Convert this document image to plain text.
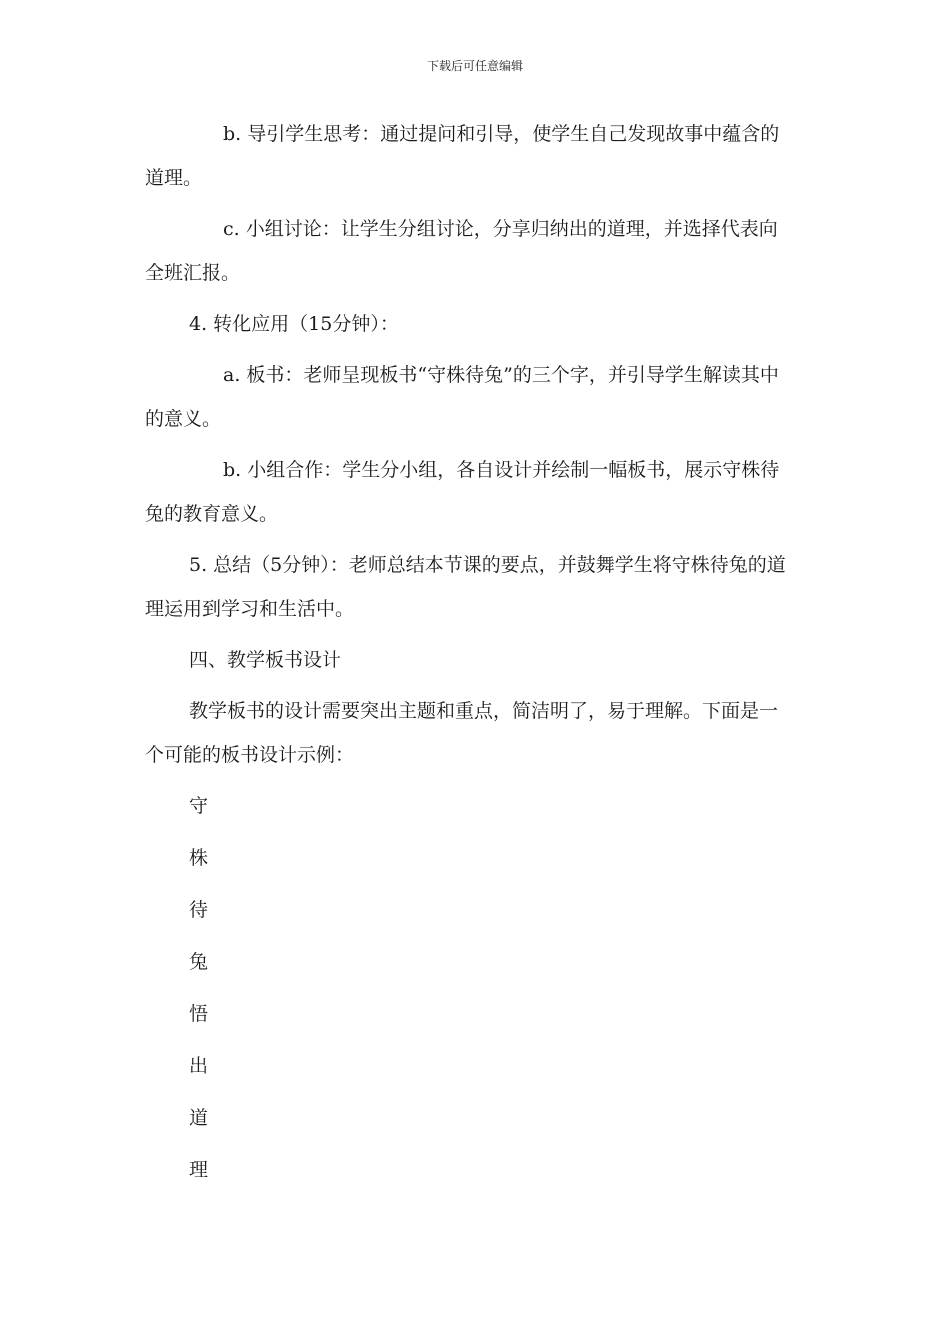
下载后可任意编辑

b. 导引学生思考：通过提问和引导，使学生自己发现故事中蕴含的道理。

c. 小组讨论：让学生分组讨论，分享归纳出的道理，并选择代表向全班汇报。

4. 转化应用（15分钟）：

a. 板书：老师呈现板书“守株待兔”的三个字，并引导学生解读其中的意义。

b. 小组合作：学生分小组，各自设计并绘制一幅板书，展示守株待兔的教育意义。

5. 总结（5分钟）：老师总结本节课的要点，并鼓舞学生将守株待兔的道理运用到学习和生活中。

四、教学板书设计

教学板书的设计需要突出主题和重点，简洁明了，易于理解。下面是一个可能的板书设计示例：

守

株

待

兔

悟

出

道

理
